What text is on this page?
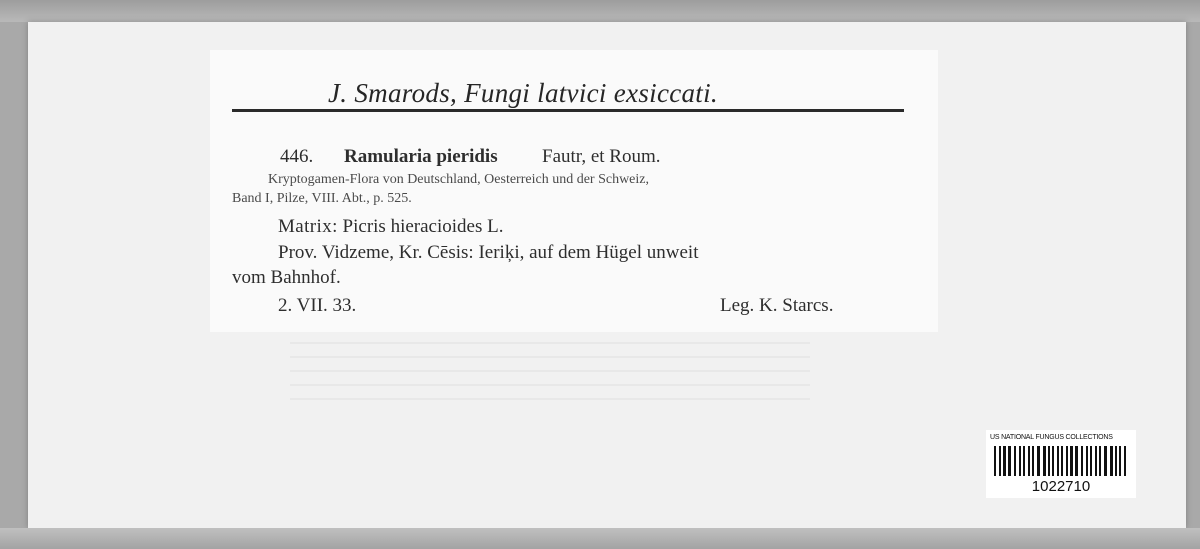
J. Smarods, Fungi latvici exsiccati.
446. Ramularia pieridis Fautr, et Roum.
Kryptogamen-Flora von Deutschland, Oesterreich und der Schweiz,
Band I, Pilze, VIII. Abt., p. 525.
Matrix: Picris hieracioides L.
Prov. Vidzeme, Kr. Cēsis: Ieriķi, auf dem Hügel unweit
vom Bahnhof.
2. VII. 33.	Leg. K. Starcs.
US NATIONAL FUNGUS COLLECTIONS
1022710
